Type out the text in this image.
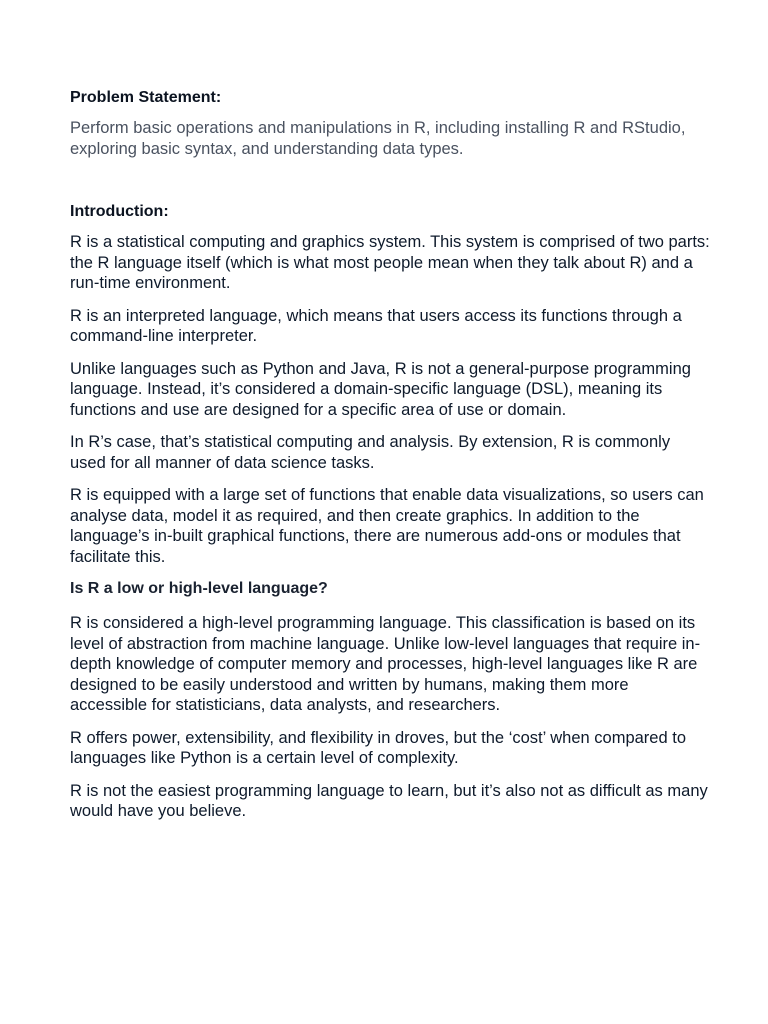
Problem Statement:

Perform basic operations and manipulations in R, including installing R and RStudio, exploring basic syntax, and understanding data types.

Introduction:

R is a statistical computing and graphics system. This system is comprised of two parts: the R language itself (which is what most people mean when they talk about R) and a run-time environment.

R is an interpreted language, which means that users access its functions through a command-line interpreter.

Unlike languages such as Python and Java, R is not a general-purpose programming language. Instead, it’s considered a domain-specific language (DSL), meaning its functions and use are designed for a specific area of use or domain.

In R’s case, that’s statistical computing and analysis. By extension, R is commonly used for all manner of data science tasks.

R is equipped with a large set of functions that enable data visualizations, so users can analyse data, model it as required, and then create graphics. In addition to the language’s in-built graphical functions, there are numerous add-ons or modules that facilitate this.

Is R a low or high-level language?

R is considered a high-level programming language. This classification is based on its level of abstraction from machine language. Unlike low-level languages that require in-depth knowledge of computer memory and processes, high-level languages like R are designed to be easily understood and written by humans, making them more accessible for statisticians, data analysts, and researchers.

R offers power, extensibility, and flexibility in droves, but the ‘cost’ when compared to languages like Python is a certain level of complexity.

R is not the easiest programming language to learn, but it’s also not as difficult as many would have you believe.
